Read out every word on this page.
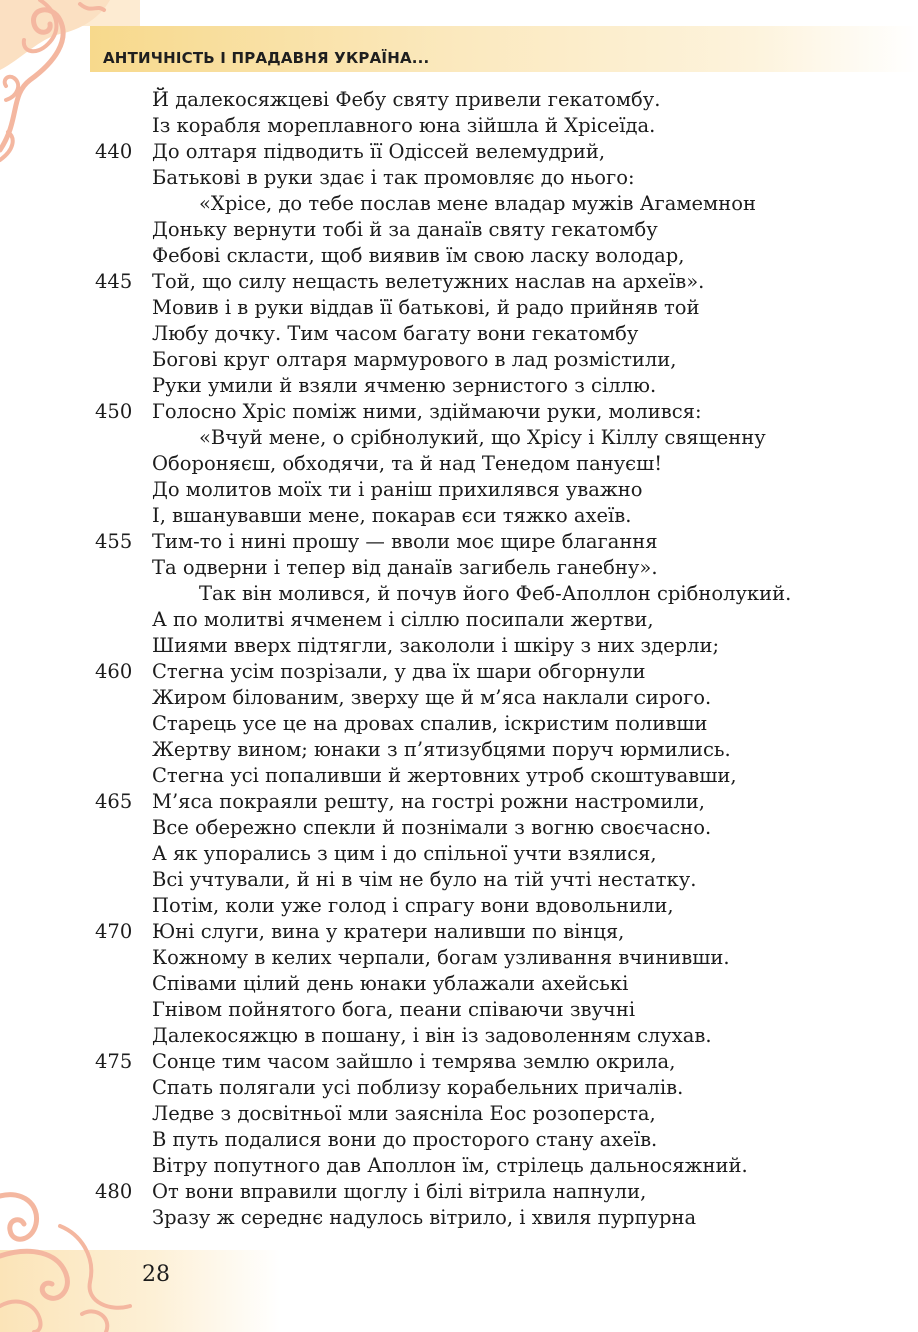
АНТИЧНІСТЬ І ПРАДАВНЯ УКРАЇНА...
28
Й далекосяжцеві Фебу святу привели гекатомбу.
Із корабля мореплавного юна зійшла й Хрісеїда.
440 До олтаря підводить її Одіссей велемудрий,
Батькові в руки здає і так промовляє до нього:
«Хрісе, до тебе послав мене владар мужів Агамемнон
Доньку вернути тобі й за данаїв святу гекатомбу
Фебові скласти, щоб виявив їм свою ласку володар,
445 Той, що силу нещасть велетужних наслав на археїв».
Мовив і в руки віддав її батькові, й радо прийняв той
Любу дочку. Тим часом багату вони гекатомбу
Богові круг олтаря мармурового в лад розмістили,
Руки умили й взяли ячменю зернистого з сіллю.
450 Голосно Хріс поміж ними, здіймаючи руки, молився:
«Вчуй мене, о срібнолукий, що Хрісу і Кіллу священну
Обороняєш, обходячи, та й над Тенедом пануєш!
До молитов моїх ти і раніш прихилявся уважно
І, вшанувавши мене, покарав єси тяжко ахеїв.
455 Тим-то і нині прошу — вволи моє щире благання
Та одверни і тепер від данаїв загибель ганебну».
Так він молився, й почув його Феб-Аполлон срібнолукий.
А по молитві ячменем і сіллю посипали жертви,
Шиями вверх підтягли, закололи і шкіру з них здерли;
460 Стегна усім позрізали, у два їх шари обгорнули
Жиром білованим, зверху ще й м’яса наклали сирого.
Старець усе це на дровах спалив, іскристим поливши
Жертву вином; юнаки з п’ятизубцями поруч юрмились.
Стегна усі попаливши й жертовних утроб скоштувавши,
465 М’яса покраяли решту, на гострі рожни настромили,
Все обережно спекли й познімали з вогню своєчасно.
А як упорались з цим і до спільної учти взялися,
Всі учтували, й ні в чім не було на тій учті нестатку.
Потім, коли уже голод і спрагу вони вдовольнили,
470 Юні слуги, вина у кратери наливши по вінця,
Кожному в келих черпали, богам узливання вчинивши.
Співами цілий день юнаки ублажали ахейські
Гнівом пойнятого бога, пеани співаючи звучні
Далекосяжцю в пошану, і він із задоволенням слухав.
475 Сонце тим часом зайшло і темрява землю окрила,
Спать полягали усі поблизу корабельних причалів.
Ледве з досвітньої мли заясніла Еос розоперста,
В путь подалися вони до просторого стану ахеїв.
Вітру попутного дав Аполлон їм, стрілець дальносяжний.
480 От вони вправили щоглу і білі вітрила напнули,
Зразу ж середнє надулось вітрило, і хвиля пурпурна
